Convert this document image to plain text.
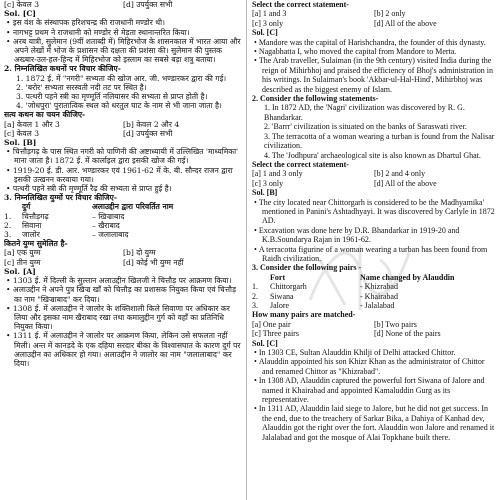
[c] केवल 3	[d] उपर्युक्त सभी
Sol. [C]
• इस वंश के संस्थापक हरिशचन्द्र की राजधानी मण्डोर थी।
• नागभट्ट प्रथम ने राजधानी को मण्डोर से मेड़ता स्थानान्तरित किया।
• अरब यात्री, सुलेमान (9वीं शताब्दी में) मिहिरभोज के शासनकाल में भारत आया और अपने लेखों में भोज के प्रशासन की दक्षता की प्रशंसा की। सुलेमान की पुस्तक अख्बार-उल-हल-हिन्द में मिहिरभोज को इस्लाम का सबसे बड़ा शत्रु बताया।
2. निम्नलिखित कथनों पर विचार कीजिए-
1. 1872 ई. में "नगरी" सभ्यता की खोज आर. जी. भण्डारकर द्वारा की गई।
2. 'बरोर' सभ्यता सरस्वती नदी तट पर स्थित है।
3. पत्थरी पहने स्त्री का मृण्मूर्ति नलियासर की सभ्यता से प्राप्त होती है।
4. 'जोधपुरा' पुरातात्विक स्थल को धरतुल घाट के नाम से भी जाना जाता है।
सत्य कथन का चयन कीजिए-
[a] केवल 1 और 3	[b] केवल 2 और 4
[c] केवल 3	[d] उपर्युक्त सभी
Sol. [B]
• चित्तौड़गढ़ के पास स्थित नगरी को पाणिनी की अष्टाध्यायी में उल्लिखित 'माध्यमिका' माना जाता है। 1872 ई. में कार्लाइल द्वारा इसकी खोज की गई।
• 1919-20 ई. डी. आर. भण्डारकर एवं 1961-62 में के. बी. सौन्दर राजन द्वारा इसकी उत्खनन करवाया गया।
• पत्थरी पहने स्त्री की मृण्मूर्ति रैढ़ की सभ्यता से प्राप्त हुई है।
3. निम्नलिखित युग्मों पर विचार कीजिए-
दुर्ग	अलाउद्दीन द्वारा परिवर्तित नाम
1.	चित्तौड़गढ़	– खिज्राबाद
2.	सिवाना	– खैराबाद
3.	जालोर	– जलालाबाद
कितने युग्म सुमेलित है-
[a] एक युग्म	[b] दो युग्म
[c] तीन युग्म	[d] कोई भी युग्म नहीं
Sol. [A]
• 1303 ई. में दिल्ली के सुल्तान अलाउद्दीन खिलजी ने चित्तौड़ पर आक्रमण किया।
• अलाउद्दीन ने अपने पुत्र खिज्र खाँ को चित्तौड़ का प्रशासक नियुक्त किया एवं चित्तौड़ का नाम "खिज्राबाद" कर दिया।
• 1308 ई. में अलाउद्दीन ने जालोर के शक्तिशाली किले सिवाणा पर अधिकार कर लिया और इसका नाम खैराबाद रखा तथा कमालुद्दीन गुर्ग को वहाँ का प्रतिनिधि नियुक्त किया।
• 1311 ई. में अलाउद्दीन ने जालोर पर आक्रमण किया, लेकिन उसे सफलता नहीं मिली। अन्त में कानड़दे के एक दहिया सरदार बीका के विश्वासघात के कारण दुर्ग पर अलाउद्दीन का अधिकार हो गया। अलाउद्दीन ने जालोर का नाम "जलालाबाद" कर दिया।
Select the correct statement-
[a] 1 and 3	[b] 2 only
[c] 3 only	[d] All of the above
Sol. [C]
• Mandore was the capital of Harishchandra, the founder of this dynasty.
• Nagabhatta I, who moved the capital from Mandore to Merta.
• The Arab traveller, Sulaiman (in the 9th century) visited India during the reign of Mihirbhoj and praised the efficiency of Bhoj's administration in his writings. In Sulaiman's book 'Akbar-ul-Hal-Hind', Mihirbhoj was described as the biggest enemy of Islam.
2. Consider the following statements-
1. In 1872 AD, the 'Nagri' civilization was discovered by R. G. Bhandarkar.
2. 'Barrr' civilization is situated on the banks of Saraswati river.
3. The terracotta of a woman wearing a turban is found from the Nalisar civilization.
4. The 'Jodhpura' archaeological site is also known as Dhartul Ghat.
Select the correct statement-
[a] 1 and 3 only	[b] 2 and 4 only
[c] 3 only	[d] All of the above
Sol. [B]
• The city located near Chittorgarh is considered to be the Madhyamika' mentioned in Panini's Ashtadhyayi. It was discovered by Carlyle in 1872 AD.
• Excavation was done here by D.R. Bhandarkar in 1919-20 and K.B.Soundarya Rajan in 1961-62.
• A terracotta figurine of a woman wearing a turban has been found from Raidh civilization.
3. Consider the following pairs -
Fort	Name changed by Alauddin
1.	Chittorgarh	- Khizrabad
2.	Siwana	- Khairabad
3.	Jalore	- Jalalabad
How many pairs are matched-
[a] One pair	[b] Two pairs
[c] Three pairs	[d] None of the pairs
Sol. [C]
• In 1303 CE, Sultan Alauddin Khilji of Delhi attacked Chittor.
• Alauddin appointed his son Khizr Khan as the administrator of Chittor and renamed Chittor as "Khizrabad".
• In 1308 AD, Alauddin captured the powerful fort Siwana of Jalore and named it Khairabad and appointed Kamaluddin Gurg as its representative.
• In 1311 AD, Alauddin laid siege to Jalore, but he did not get success. In the end, due to the treachery of Sarkar Bika, a Dahiya of Kanhad dev, Alauddin got the right over the fort. Alauddin won Jalore and renamed it Jalalabad and got the mosque of Alai Topkhane built there.
